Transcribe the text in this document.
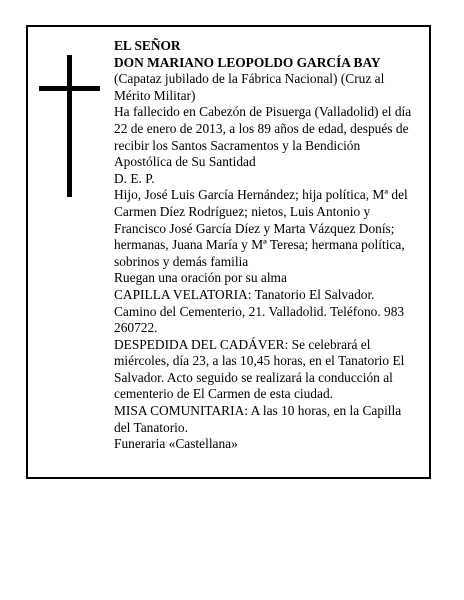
EL SEÑOR

DON MARIANO LEOPOLDO GARCÍA BAY

(Capataz jubilado de la Fábrica Nacional) (Cruz al Mérito Militar)

Ha fallecido en Cabezón de Pisuerga (Valladolid) el día 22 de enero de 2013, a los 89 años de edad, después de recibir los Santos Sacramentos y la Bendición Apostólica de Su Santidad

D. E. P.

Hijo, José Luis García Hernández; hija política, Mª del Carmen Díez Rodríguez; nietos, Luis Antonio y Francisco José García Díez y Marta Vázquez Donís; hermanas, Juana María y Mª Teresa; hermana política, sobrinos y demás familia

Ruegan una oración por su alma

CAPILLA VELATORIA: Tanatorio El Salvador. Camino del Cementerio, 21. Valladolid. Teléfono. 983 260722.

DESPEDIDA DEL CADÁVER: Se celebrará el miércoles, día 23, a las 10,45 horas, en el Tanatorio El Salvador. Acto seguido se realizará la conducción al cementerio de El Carmen de esta ciudad.

MISA COMUNITARIA: A las 10 horas, en la Capilla del Tanatorio.

Funeraria «Castellana»
